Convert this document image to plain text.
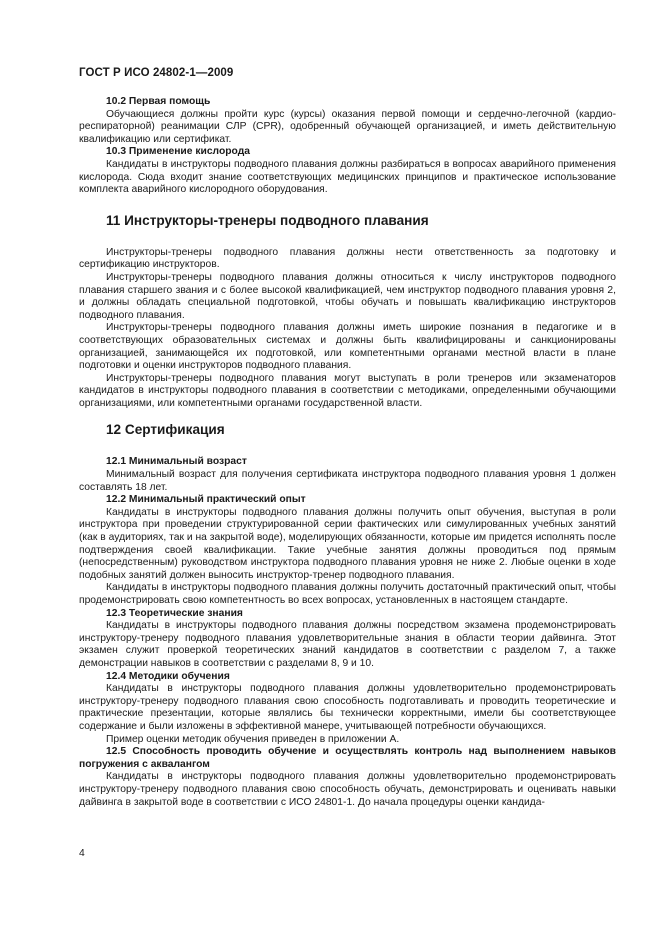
ГОСТ Р ИСО 24802-1—2009
10.2 Первая помощь

Обучающиеся должны пройти курс (курсы) оказания первой помощи и сердечно-легочной (кардио-респираторной) реанимации СЛР (CPR), одобренный обучающей организацией, и иметь действительную квалификацию или сертификат.

10.3 Применение кислорода

Кандидаты в инструкторы подводного плавания должны разбираться в вопросах аварийного применения кислорода. Сюда входит знание соответствующих медицинских принципов и практическое использование комплекта аварийного кислородного оборудования.

11 Инструкторы-тренеры подводного плавания

Инструкторы-тренеры подводного плавания должны нести ответственность за подготовку и сертификацию инструкторов.

Инструкторы-тренеры подводного плавания должны относиться к числу инструкторов подводного плавания старшего звания и с более высокой квалификацией, чем инструктор подводного плавания уровня 2, и должны обладать специальной подготовкой, чтобы обучать и повышать квалификацию инструкторов подводного плавания.

Инструкторы-тренеры подводного плавания должны иметь широкие познания в педагогике и в соответствующих образовательных системах и должны быть квалифицированы и санкционированы организацией, занимающейся их подготовкой, или компетентными органами местной власти в плане подготовки и оценки инструкторов подводного плавания.

Инструкторы-тренеры подводного плавания могут выступать в роли тренеров или экзаменаторов кандидатов в инструкторы подводного плавания в соответствии с методиками, определенными обучающими организациями, или компетентными органами государственной власти.

12 Сертификация
12.1 Минимальный возраст

Минимальный возраст для получения сертификата инструктора подводного плавания уровня 1 должен составлять 18 лет.

12.2 Минимальный практический опыт

Кандидаты в инструкторы подводного плавания должны получить опыт обучения, выступая в роли инструктора при проведении структурированной серии фактических или симулированных учебных занятий (как в аудиториях, так и на закрытой воде), моделирующих обязанности, которые им придется исполнять после подтверждения своей квалификации. Такие учебные занятия должны проводиться под прямым (непосредственным) руководством инструктора подводного плавания уровня не ниже 2. Любые оценки в ходе подобных занятий должен выносить инструктор-тренер подводного плавания.

Кандидаты в инструкторы подводного плавания должны получить достаточный практический опыт, чтобы продемонстрировать свою компетентность во всех вопросах, установленных в настоящем стандарте.

12.3 Теоретические знания

Кандидаты в инструкторы подводного плавания должны посредством экзамена продемонстрировать инструктору-тренеру подводного плавания удовлетворительные знания в области теории дайвинга. Этот экзамен служит проверкой теоретических знаний кандидатов в соответствии с разделом 7, а также демонстрации навыков в соответствии с разделами 8, 9 и 10.

12.4 Методики обучения

Кандидаты в инструкторы подводного плавания должны удовлетворительно продемонстрировать инструктору-тренеру подводного плавания свою способность подготавливать и проводить теоретические и практические презентации, которые являлись бы технически корректными, имели бы соответствующее содержание и были изложены в эффективной манере, учитывающей потребности обучающихся.

Пример оценки методик обучения приведен в приложении А.

12.5 Способность проводить обучение и осуществлять контроль над выполнением навыков погружения с аквалангом

Кандидаты в инструкторы подводного плавания должны удовлетворительно продемонстрировать инструктору-тренеру подводного плавания свою способность обучать, демонстрировать и оценивать навыки дайвинга в закрытой воде в соответствии с ИСО 24801-1. До начала процедуры оценки кандида-

4
